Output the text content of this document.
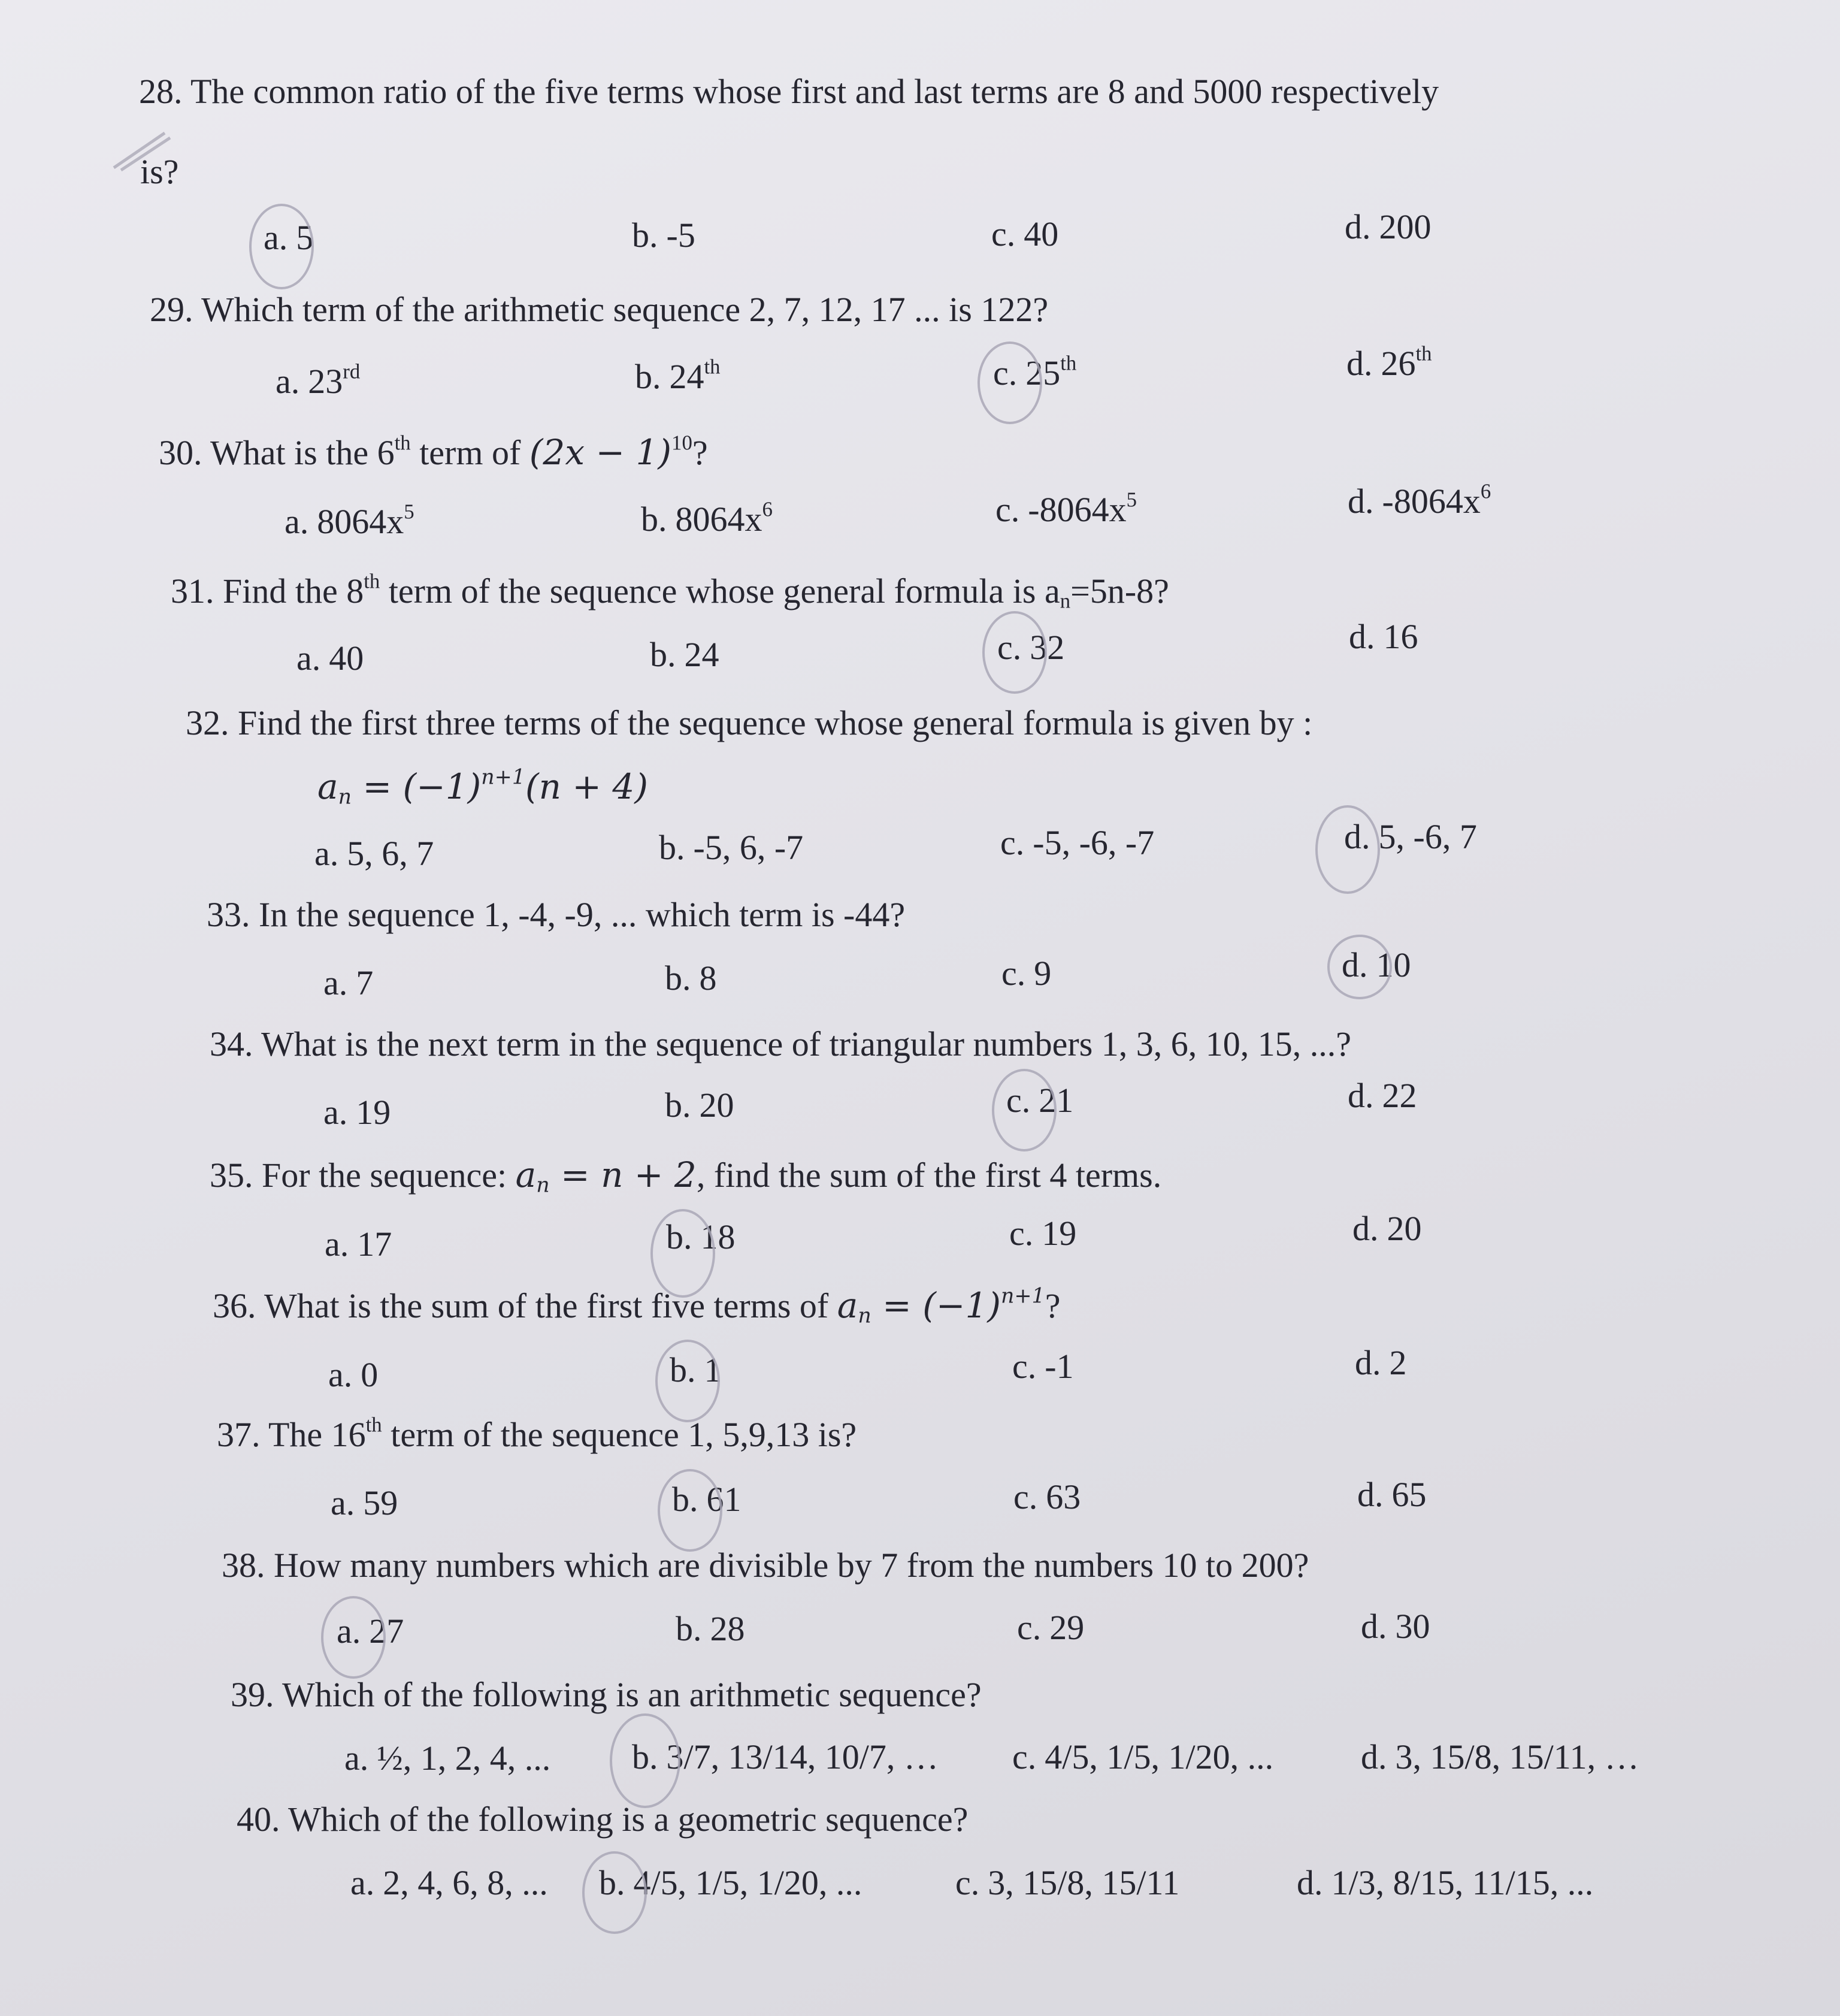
28. The common ratio of the five terms whose first and last terms are 8 and 5000 respectively
is?
a. 5	b. -5	c. 40	d. 200
29. Which term of the arithmetic sequence 2, 7, 12, 17 ... is 122?
a. 23rd	b. 24th	c. 25th	d. 26th
30. What is the 6th term of $(2x - 1)^{10}$?
a. $8064x^5$	b. $8064x^6$	c. $-8064x^5$	d. $-8064x^6$
31. Find the 8th term of the sequence whose general formula is $a_n=5n-8$?
a. 40	b. 24	c. 32	d. 16
32. Find the first three terms of the sequence whose general formula is given by :
$a_n = (-1)^{n+1}(n + 4)$
a. 5, 6, 7	b. -5, 6, -7	c. -5, -6, -7	d. 5, -6, 7
33. In the sequence 1, -4, -9, ... which term is -44?
a. 7	b. 8	c. 9	d. 10
34. What is the next term in the sequence of triangular numbers 1, 3, 6, 10, 15, ...?
a. 19	b. 20	c. 21	d. 22
35. For the sequence: $a_n = n + 2$, find the sum of the first 4 terms.
a. 17	b. 18	c. 19	d. 20
36. What is the sum of the first five terms of $a_n = (-1)^{n+1}$?
a. 0	b. 1	c. -1	d. 2
37. The 16th term of the sequence 1, 5,9,13 is?
a. 59	b. 61	c. 63	d. 65
38. How many numbers which are divisible by 7 from the numbers 10 to 200?
a. 27	b. 28	c. 29	d. 30
39. Which of the following is an arithmetic sequence?
a. ½, 1, 2, 4, ... b. 3/7, 13/14, 10/7, … c. 4/5, 1/5, 1/20, ...	d. 3, 15/8, 15/11, …
40. Which of the following is a geometric sequence?
a. 2, 4, 6, 8, ... b. 4/5, 1/5, 1/20, ...	c. 3, 15/8, 15/11	d. 1/3, 8/15, 11/15, ...
